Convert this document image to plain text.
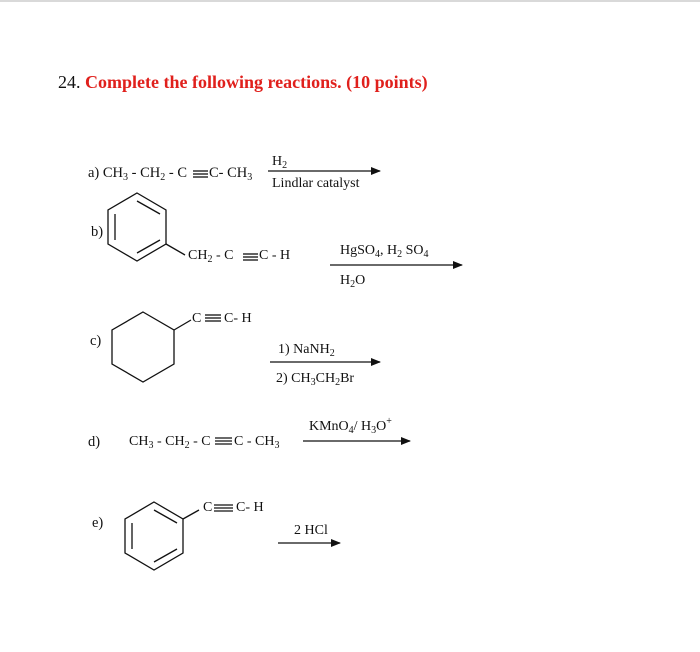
24. Complete the following reactions. (10 points)
a) $CH_3 - CH_2$ - C C- $CH_3$
$H_2$
Lindlar catalyst
b)
$CH_2$ - C C - H	HgSO$_4$, $H_2$ $SO_4$
$H_2O$
c)
C C- H
1) NaNH$_2$
2) $CH_3CH_2Br$
d) $CH_3 - CH_2$ - C C - $CH_3$
KMnO$_4$/ $H_3O^+$
e)
C C- H
2 HCl
